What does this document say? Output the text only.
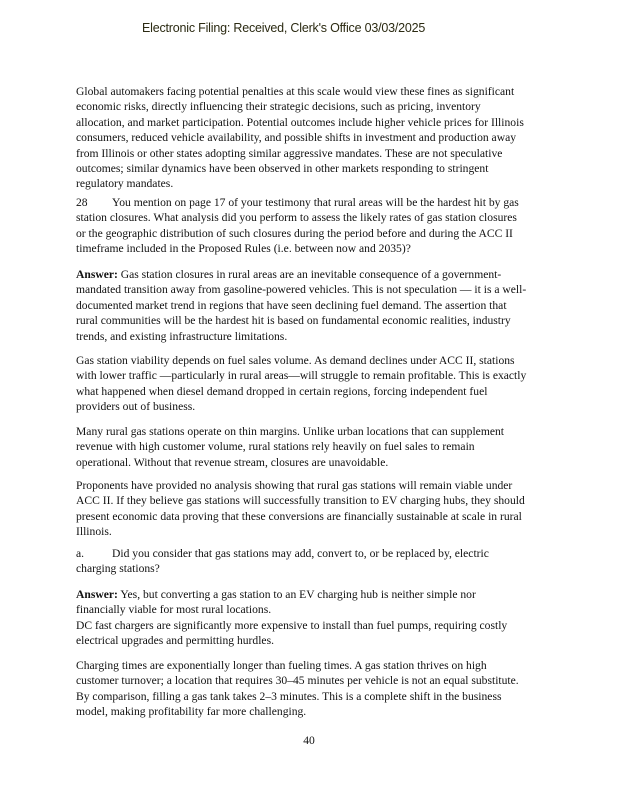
Electronic Filing: Received, Clerk's Office 03/03/2025
Global automakers facing potential penalties at this scale would view these fines as significant
economic risks, directly influencing their strategic decisions, such as pricing, inventory
allocation, and market participation. Potential outcomes include higher vehicle prices for Illinois
consumers, reduced vehicle availability, and possible shifts in investment and production away
from Illinois or other states adopting similar aggressive mandates. These are not speculative
outcomes; similar dynamics have been observed in other markets responding to stringent
regulatory mandates.
28 You mention on page 17 of your testimony that rural areas will be the hardest hit by gas
station closures. What analysis did you perform to assess the likely rates of gas station closures
or the geographic distribution of such closures during the period before and during the ACC II
timeframe included in the Proposed Rules (i.e. between now and 2035)?
Answer: Gas station closures in rural areas are an inevitable consequence of a government-
mandated transition away from gasoline-powered vehicles. This is not speculation — it is a well-
documented market trend in regions that have seen declining fuel demand. The assertion that
rural communities will be the hardest hit is based on fundamental economic realities, industry
trends, and existing infrastructure limitations.
Gas station viability depends on fuel sales volume. As demand declines under ACC II, stations
with lower traffic —particularly in rural areas—will struggle to remain profitable. This is exactly
what happened when diesel demand dropped in certain regions, forcing independent fuel
providers out of business.
Many rural gas stations operate on thin margins. Unlike urban locations that can supplement
revenue with high customer volume, rural stations rely heavily on fuel sales to remain
operational. Without that revenue stream, closures are unavoidable.
Proponents have provided no analysis showing that rural gas stations will remain viable under
ACC II. If they believe gas stations will successfully transition to EV charging hubs, they should
present economic data proving that these conversions are financially sustainable at scale in rural
Illinois.
a. Did you consider that gas stations may add, convert to, or be replaced by, electric
charging stations?
Answer: Yes, but converting a gas station to an EV charging hub is neither simple nor
financially viable for most rural locations.
DC fast chargers are significantly more expensive to install than fuel pumps, requiring costly
electrical upgrades and permitting hurdles.
Charging times are exponentially longer than fueling times. A gas station thrives on high
customer turnover; a location that requires 30–45 minutes per vehicle is not an equal substitute.
By comparison, filling a gas tank takes 2–3 minutes. This is a complete shift in the business
model, making profitability far more challenging.
40
